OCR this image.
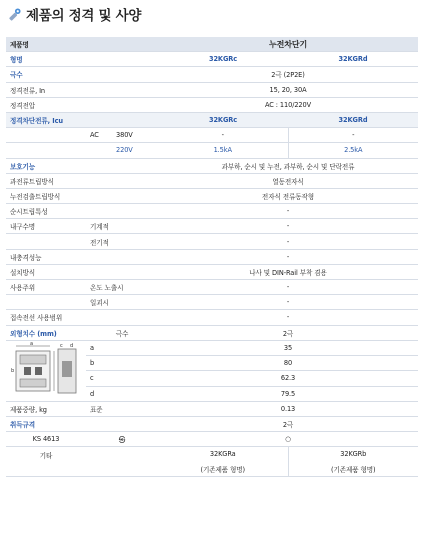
제품의 정격 및 사양
제품명		누전차단기	
형명		32KGRc	32KGRd
극수		2극 (2P2E)	
정격전류, In		15, 20, 30A	
정격전압		AC : 110/220V	
정격차단전류, Icu		32KGRc	32KGRd
	AC 380V	-	-
	220V	1.5kA	2.5kA
보호기능		과부하, 순시 및 누전, 과부하, 순시 및 단락전류	
과전류트립방식		열동전자식	
누전검출트립방식		전자식 전류동작형	
순시트립특성		-	
내구수명	기계적	-	
	전기적	-	
내충격성능		-	
설치방식		나사 및 DIN-Rail 부착 겸용	
사용주위	온도 노출시	-	
	일괴시	-	
접속전선 사용범위		-	
외형치수 (mm)	극수	2극	

a c d
b	a	35	
	b	80	
	c	62.3	
	d	79.5	
제품중량, kg	표준	0.13	
취득규격		2극	
KS 4613	㉿	○	
기타		32KGRa	32KGRb
		(기존제품 형명)	(기존제품 형명)
